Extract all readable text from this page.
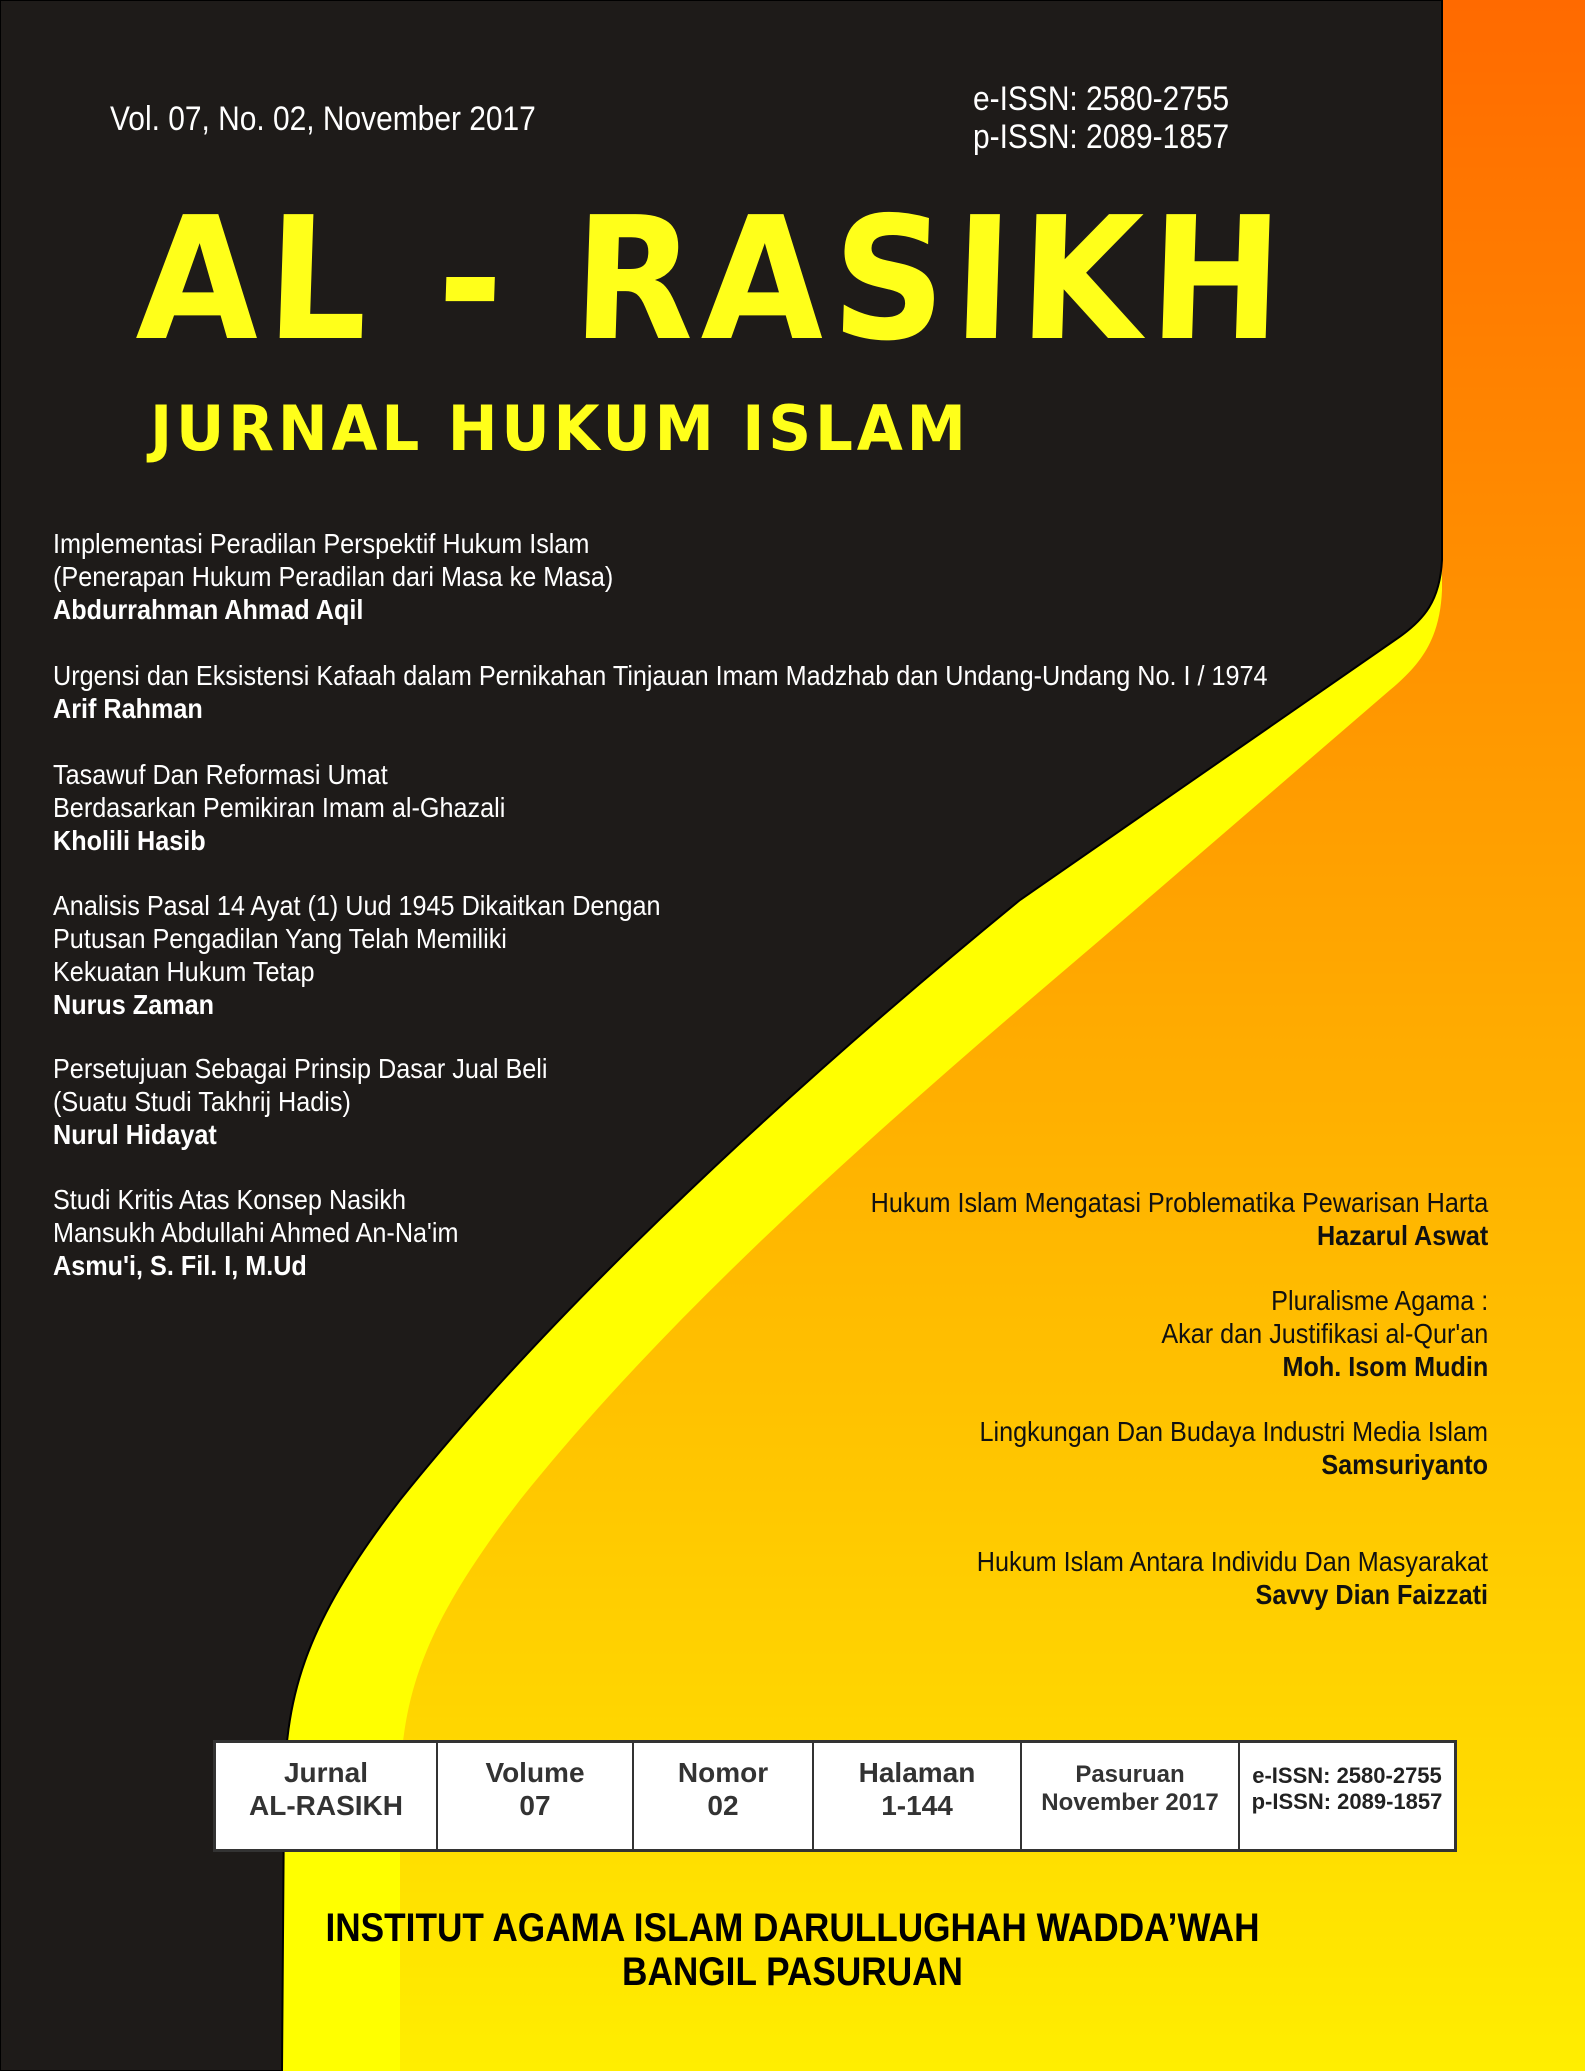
Vol. 07, No. 02, November 2017
e-ISSN: 2580-2755
p-ISSN: 2089-1857
AL - RASIKH
JURNAL HUKUM ISLAM
Implementasi Peradilan Perspektif Hukum Islam
(Penerapan Hukum Peradilan dari Masa ke Masa)
Abdurrahman Ahmad Aqil
Urgensi dan Eksistensi Kafaah dalam Pernikahan Tinjauan Imam Madzhab dan Undang-Undang No. I / 1974
Arif Rahman
Tasawuf Dan Reformasi Umat
Berdasarkan Pemikiran Imam al-Ghazali
Kholili Hasib
Analisis Pasal 14 Ayat (1) Uud 1945 Dikaitkan Dengan
Putusan Pengadilan Yang Telah Memiliki
Kekuatan Hukum Tetap
Nurus Zaman
Persetujuan Sebagai Prinsip Dasar Jual Beli
(Suatu Studi Takhrij Hadis)
Nurul Hidayat
Studi Kritis Atas Konsep Nasikh
Mansukh Abdullahi Ahmed An-Na'im
Asmu'i, S. Fil. I, M.Ud
Hukum Islam Mengatasi Problematika Pewarisan Harta
Hazarul Aswat
Pluralisme Agama :
Akar dan Justifikasi al-Qur'an
Moh. Isom Mudin
Lingkungan Dan Budaya Industri Media Islam
Samsuriyanto
Hukum Islam Antara Individu Dan Masyarakat
Savvy Dian Faizzati
Jurnal
AL-RASIKH
Volume
07
Nomor
02
Halaman
1-144
Pasuruan
November 2017
e-ISSN: 2580-2755
p-ISSN: 2089-1857
INSTITUT AGAMA ISLAM DARULLUGHAH WADDA’WAH
BANGIL PASURUAN
